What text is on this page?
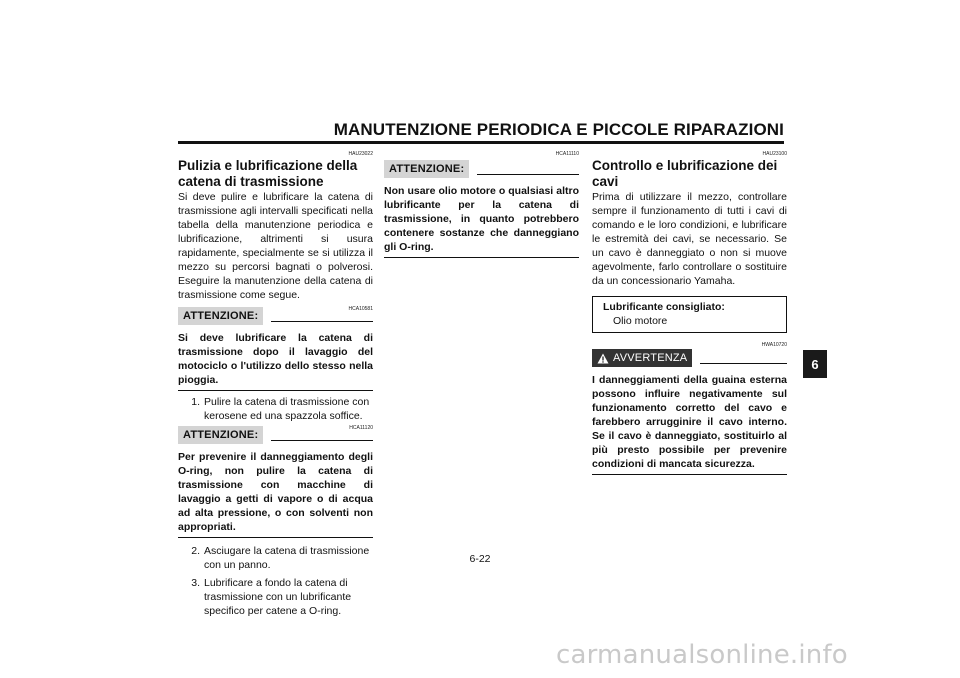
MANUTENZIONE PERIODICA E PICCOLE RIPARAZIONI
HAU23022
Pulizia e lubrificazione della catena di trasmissione

Si deve pulire e lubrificare la catena di trasmissione agli intervalli specificati nella tabella della manutenzione periodica e lubrificazione, altrimenti si usura rapidamente, specialmente se si utilizza il mezzo su percorsi bagnati o polverosi. Eseguire la manutenzione della catena di trasmissione come segue.

HCA10581
ATTENZIONE:
Si deve lubrificare la catena di trasmissione dopo il lavaggio del motociclo o l'utilizzo dello stesso nella pioggia.
1. Pulire la catena di trasmissione con kerosene ed una spazzola soffice.
HCA11120
ATTENZIONE:
Per prevenire il danneggiamento degli O-ring, non pulire la catena di trasmissione con macchine di lavaggio a getti di vapore o di acqua ad alta pressione, o con solventi non appropriati.
2. Asciugare la catena di trasmissione con un panno.
3. Lubrificare a fondo la catena di trasmissione con un lubrificante specifico per catene a O-ring.
HCA11110
ATTENZIONE:
Non usare olio motore o qualsiasi altro lubrificante per la catena di trasmissione, in quanto potrebbero contenere sostanze che danneggiano gli O-ring.
HAU23100
Controllo e lubrificazione dei cavi

Prima di utilizzare il mezzo, controllare sempre il funzionamento di tutti i cavi di comando e le loro condizioni, e lubrificare le estremità dei cavi, se necessario. Se un cavo è danneggiato o non si muove agevolmente, farlo controllare o sostituire da un concessionario Yamaha.

Lubrificante consigliato:
Olio motore
HWA10720
AVVERTENZA
I danneggiamenti della guaina esterna possono influire negativamente sul funzionamento corretto del cavo e farebbero arrugginire il cavo interno. Se il cavo è danneggiato, sostituirlo al più presto possibile per prevenire condizioni di mancata sicurezza.
6
6-22
carmanualsonline.info
